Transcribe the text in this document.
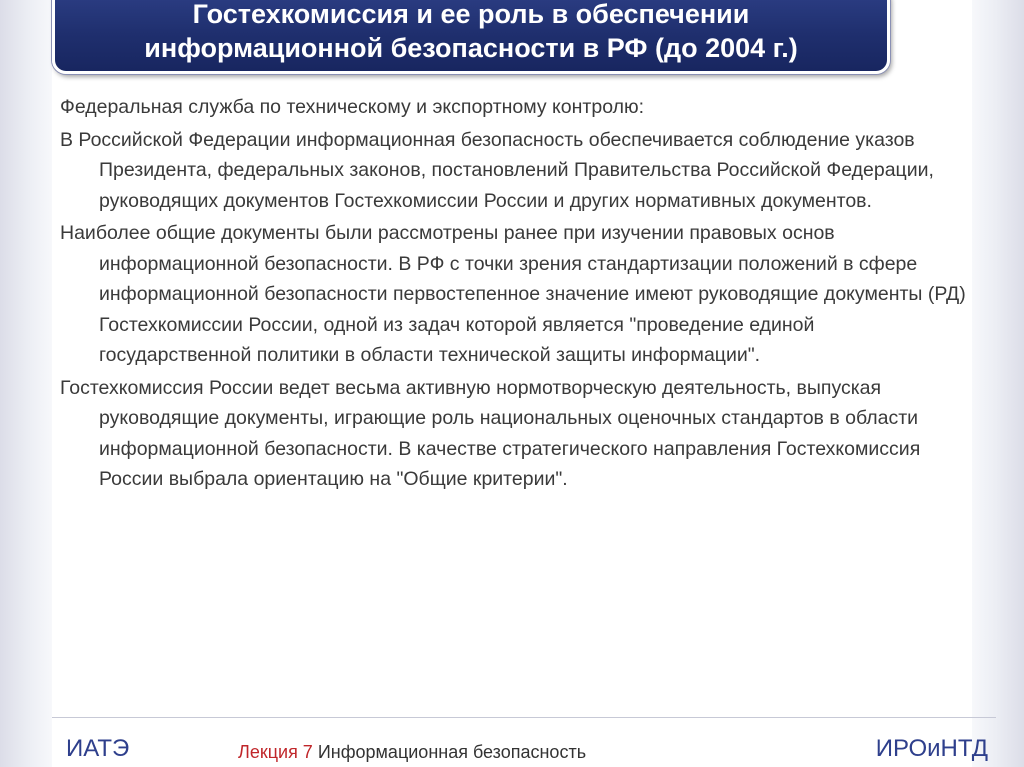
Гостехкомиссия и ее роль в обеспечении
информационной безопасности в РФ (до 2004 г.)

Федеральная служба по техническому и экспортному контролю:

В Российской Федерации информационная безопасность обеспечивается соблюдение указов Президента, федеральных законов, постановлений Правительства Российской Федерации, руководящих документов Гостехкомиссии России и других нормативных документов.

Наиболее общие документы были рассмотрены ранее при изучении правовых основ информационной безопасности. В РФ с точки зрения стандартизации положений в сфере информационной безопасности первостепенное значение имеют руководящие документы (РД) Гостехкомиссии России, одной из задач которой является "проведение единой государственной политики в области технической защиты информации".

Гостехкомиссия России ведет весьма активную нормотворческую деятельность, выпуская руководящие документы, играющие роль национальных оценочных стандартов в области информационной безопасности. В качестве стратегического направления Гостехкомиссия России выбрала ориентацию на "Общие критерии".

ИАТЭ	Лекция 7 Информационная безопасность	ИРОиНТД
